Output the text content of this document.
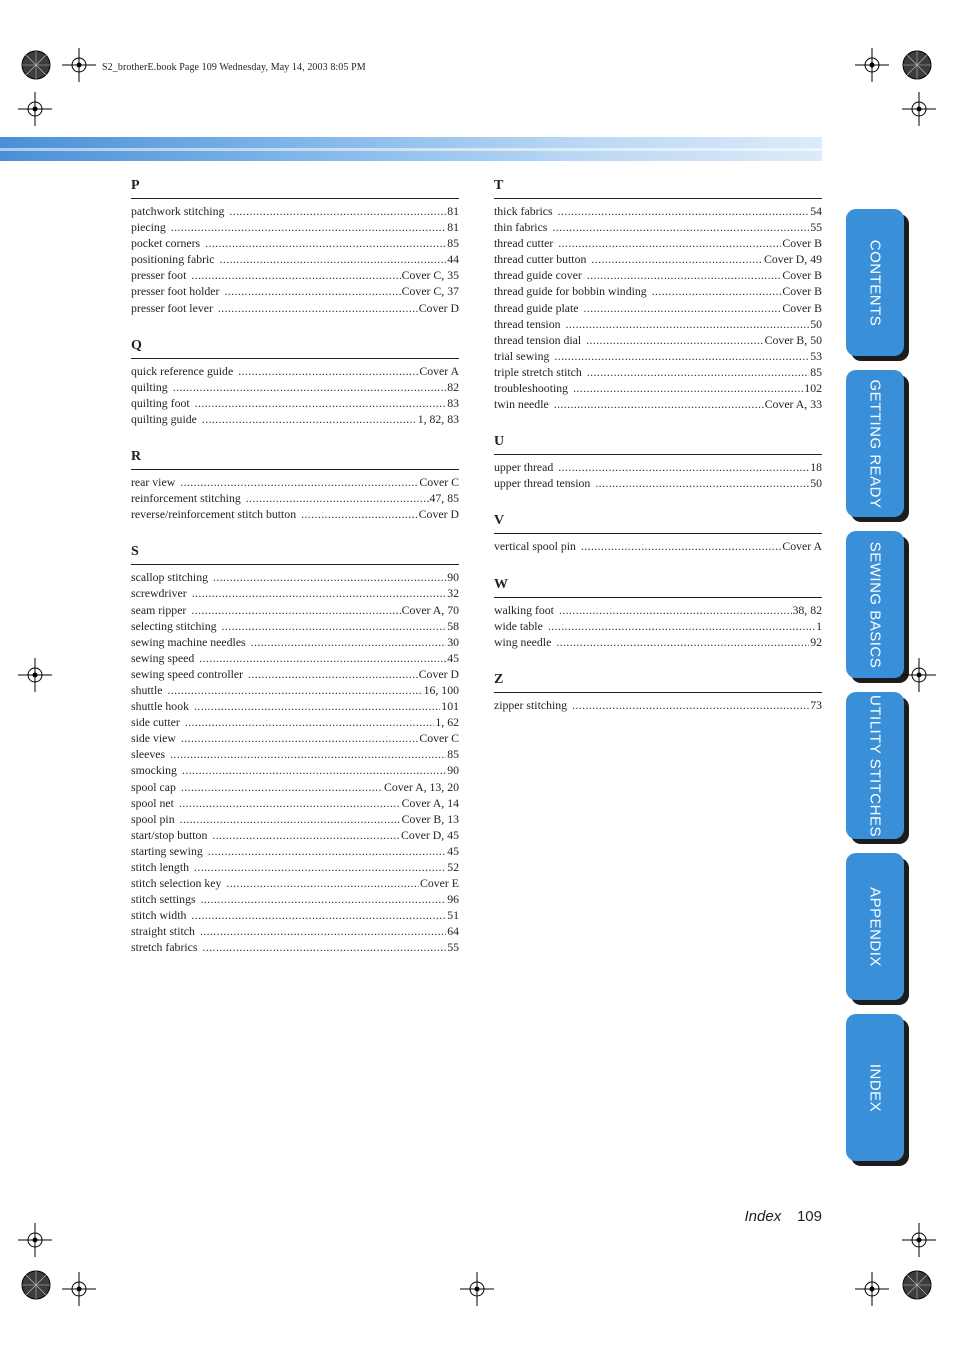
S2_brotherE.book Page 109 Wednesday, May 14, 2003 8:05 PM
P
patchwork stitching .....	81
piecing .....	81
pocket corners .....	85
positioning fabric .....	44
presser foot .....	Cover C, 35
presser foot holder .....	Cover C, 37
presser foot lever .....	Cover D
Q
quick reference guide .....	Cover A
quilting .....	82
quilting foot .....	83
quilting guide .....	1, 82, 83
R
rear view .....	Cover C
reinforcement stitching .....	47, 85
reverse/reinforcement stitch button .....	Cover D
S
scallop stitching .....	90
screwdriver .....	32
seam ripper .....	Cover A, 70
selecting stitching .....	58
sewing machine needles .....	30
sewing speed .....	45
sewing speed controller .....	Cover D
shuttle .....	16, 100
shuttle hook .....	101
side cutter .....	1, 62
side view .....	Cover C
sleeves .....	85
smocking .....	90
spool cap .....	Cover A, 13, 20
spool net .....	Cover A, 14
spool pin .....	Cover B, 13
start/stop button .....	Cover D, 45
starting sewing .....	45
stitch length .....	52
stitch selection key .....	Cover E
stitch settings .....	96
stitch width .....	51
straight stitch .....	64
stretch fabrics .....	55
T
thick fabrics .....	54
thin fabrics .....	55
thread cutter .....	Cover B
thread cutter button .....	Cover D, 49
thread guide cover .....	Cover B
thread guide for bobbin winding .....	Cover B
thread guide plate .....	Cover B
thread tension .....	50
thread tension dial .....	Cover B, 50
trial sewing .....	53
triple stretch stitch .....	85
troubleshooting .....	102
twin needle .....	Cover A, 33
U
upper thread .....	18
upper thread tension .....	50
V
vertical spool pin .....	Cover A
W
walking foot .....	38, 82
wide table .....	1
wing needle .....	92
Z
zipper stitching .....	73
CONTENTS
GETTING READY
SEWING BASICS
UTILITY STITCHES
APPENDIX
INDEX
Index 109
